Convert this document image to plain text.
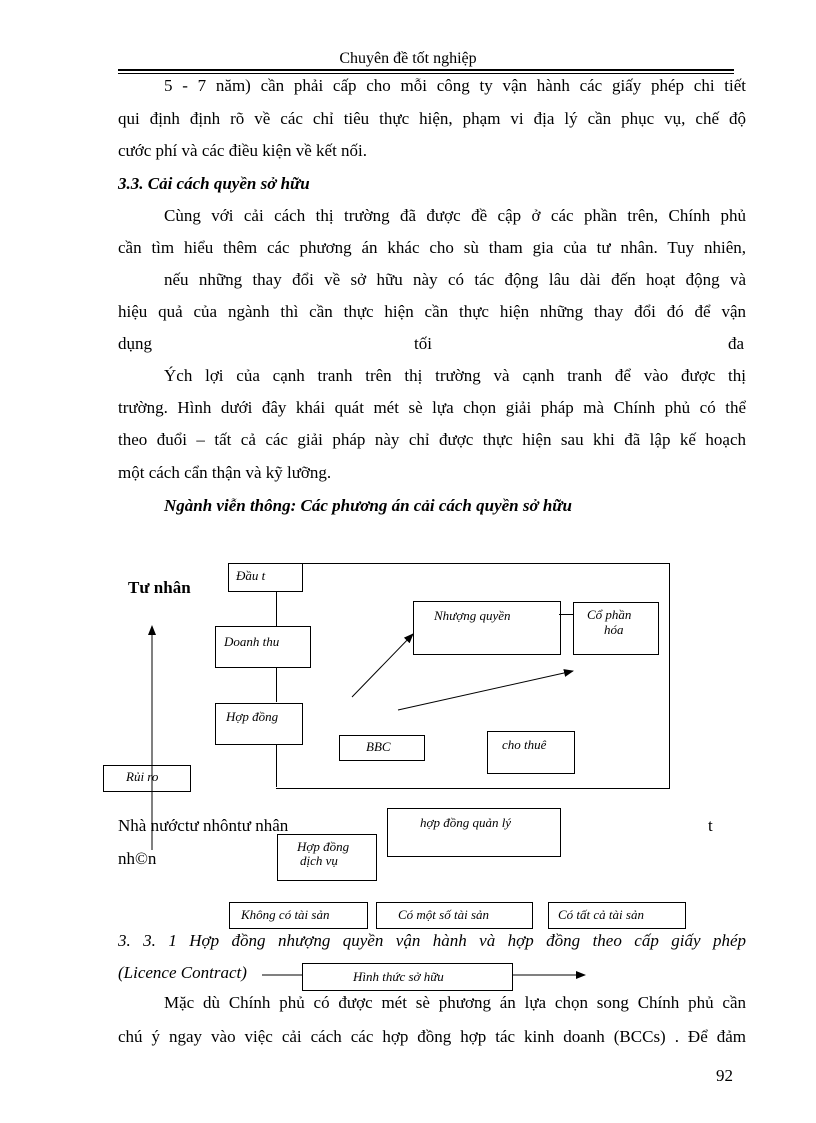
Chuyên đề tốt nghiệp
5 - 7 năm) cần phải cấp cho mỗi công ty vận hành các giấy phép chi tiết
qui định định rõ về các chỉ tiêu thực hiện, phạm vi địa lý cần phục vụ, chế độ
cước phí và các điều kiện về kết nối.
3.3. Cải cách quyền sở hữu
Cùng với cải cách thị trường đã được đề cập ở các phần trên, Chính phủ
cần tìm hiểu thêm các phương án khác cho sù tham gia của tư nhân. Tuy nhiên,
nếu những thay đổi về sở hữu này có tác động lâu dài đến hoạt động và
hiệu quả của ngành thì cần thực hiện cần thực hiện những thay đổi đó để vận
dụng	tối	đa
Ých lợi của cạnh tranh trên thị trường và cạnh tranh để vào được thị
trường. Hình dưới đây khái quát mét sè lựa chọn giải pháp mà Chính phủ có thể
theo đuổi – tất cả các giải pháp này chỉ được thực hiện sau khi đã lập kế hoạch
một cách cẩn thận và kỹ lưỡng.
Ngành viễn thông: Các phương án cải cách quyền sở hữu
Tư nhân
Đầu t
Doanh thu
Hợp đồng
Nhượng quyền	Cổ phần
hóa
BBC	cho thuê
Rủi ro
Nhà nướctư nhôntư nhân	t
nh©n
hợp đồng quản lý
Hợp đồng
dịch vụ
Không có tài sản	Có một số tài sản	Có tất cả tài sản
3. 3. 1 Hợp đồng nhượng quyền vận hành và hợp đồng theo cấp giấy phép
(Licence Contract)	Hình thức sở hữu
Mặc dù Chính phủ có được mét sè phương án lựa chọn song Chính phủ cần
chú ý ngay vào việc cải cách các hợp đồng hợp tác kinh doanh (BCCs) . Để đảm
92
